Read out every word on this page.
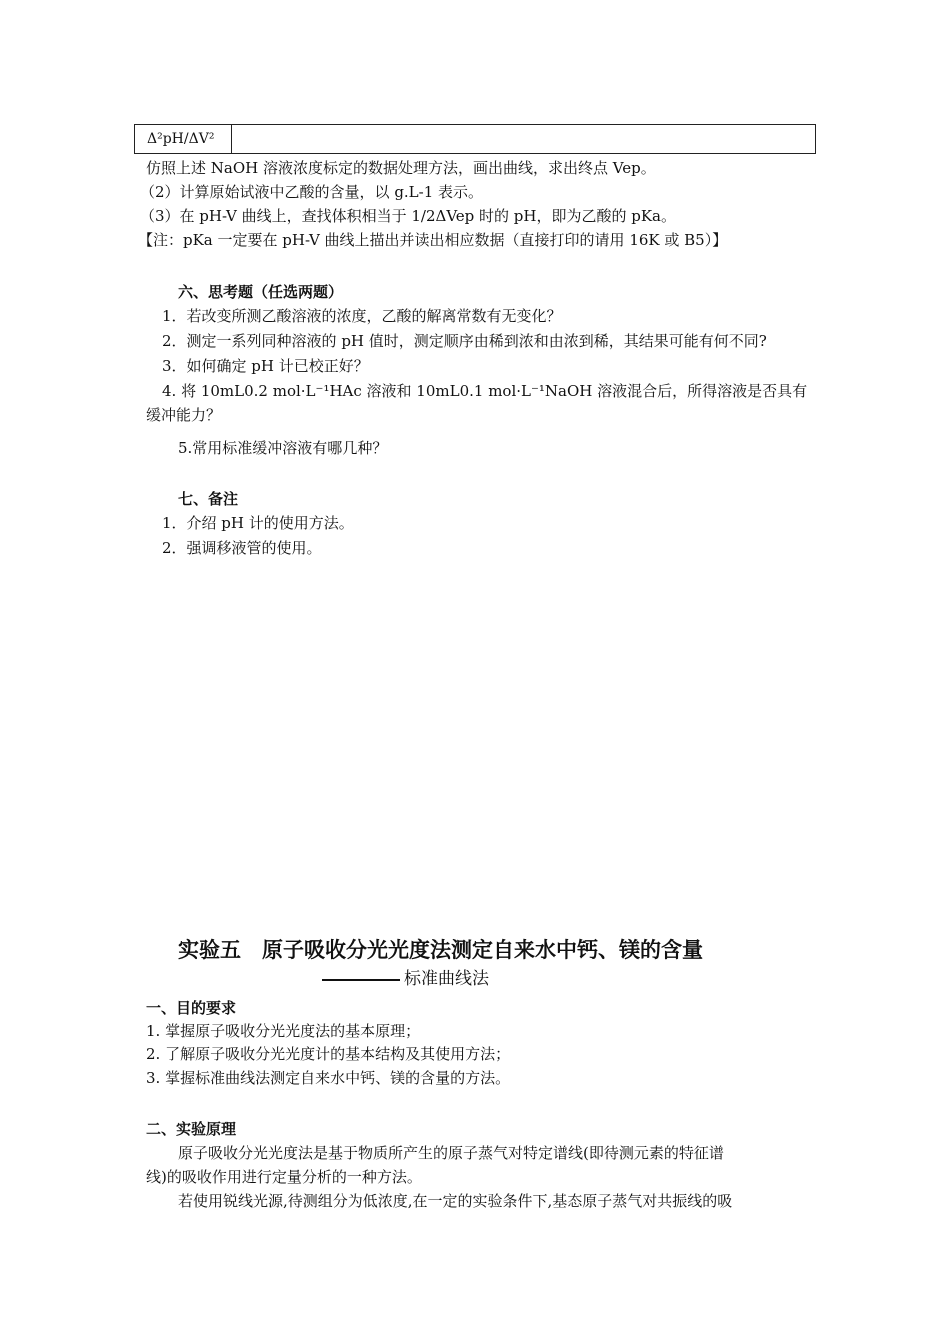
Δ²pH/ΔV²	
仿照上述 NaOH 溶液浓度标定的数据处理方法，画出曲线，求出终点 Vep。
（2）计算原始试液中乙酸的含量，以 g.L-1 表示。
（3）在 pH-V 曲线上，查找体积相当于 1/2ΔVep 时的 pH，即为乙酸的 pKa。
【注：pKa 一定要在 pH-V 曲线上描出并读出相应数据（直接打印的请用 16K 或 B5）】
六、思考题（任选两题）
1．若改变所测乙酸溶液的浓度，乙酸的解离常数有无变化？
2．测定一系列同种溶液的 pH 值时，测定顺序由稀到浓和由浓到稀，其结果可能有何不同?
3．如何确定 pH 计已校正好？
4. 将 10mL0.2 mol·L⁻¹HAc 溶液和 10mL0.1 mol·L⁻¹NaOH 溶液混合后，所得溶液是否具有
缓冲能力？
5.常用标准缓冲溶液有哪几种？
七、备注
1．介绍 pH 计的使用方法。
2．强调移液管的使用。
实验五　原子吸收分光光度法测定自来水中钙、镁的含量
标准曲线法
一、目的要求
1. 掌握原子吸收分光光度法的基本原理；
2. 了解原子吸收分光光度计的基本结构及其使用方法；
3. 掌握标准曲线法测定自来水中钙、镁的含量的方法。
二、实验原理
原子吸收分光光度法是基于物质所产生的原子蒸气对特定谱线(即待测元素的特征谱
线)的吸收作用进行定量分析的一种方法。
若使用锐线光源,待测组分为低浓度,在一定的实验条件下,基态原子蒸气对共振线的吸
